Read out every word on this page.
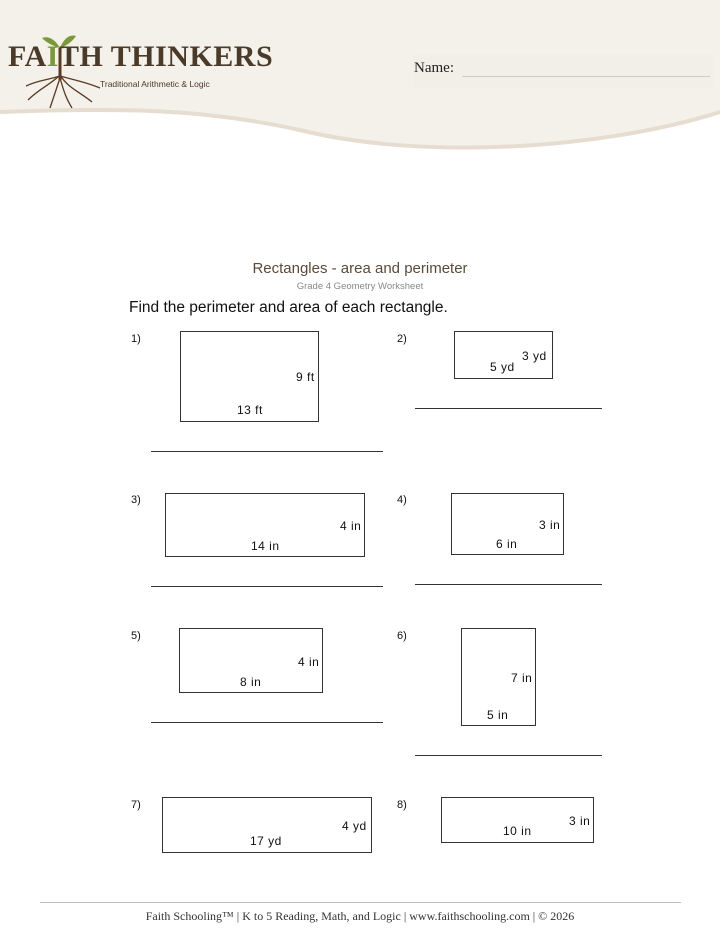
FAITH THINKERS
Traditional Arithmetic & Logic
Name:
Rectangles - area and perimeter
Grade 4 Geometry Worksheet
Find the perimeter and area of each rectangle.
1)
9 ft
13 ft
2)
3 yd
5 yd
3)
4 in
14 in
4)
3 in
6 in
5)
4 in
8 in
6)
7 in
5 in
7)
4 yd
17 yd
8)
3 in
10 in
Faith Schooling™ | K to 5 Reading, Math, and Logic | www.faithschooling.com | © 2026
